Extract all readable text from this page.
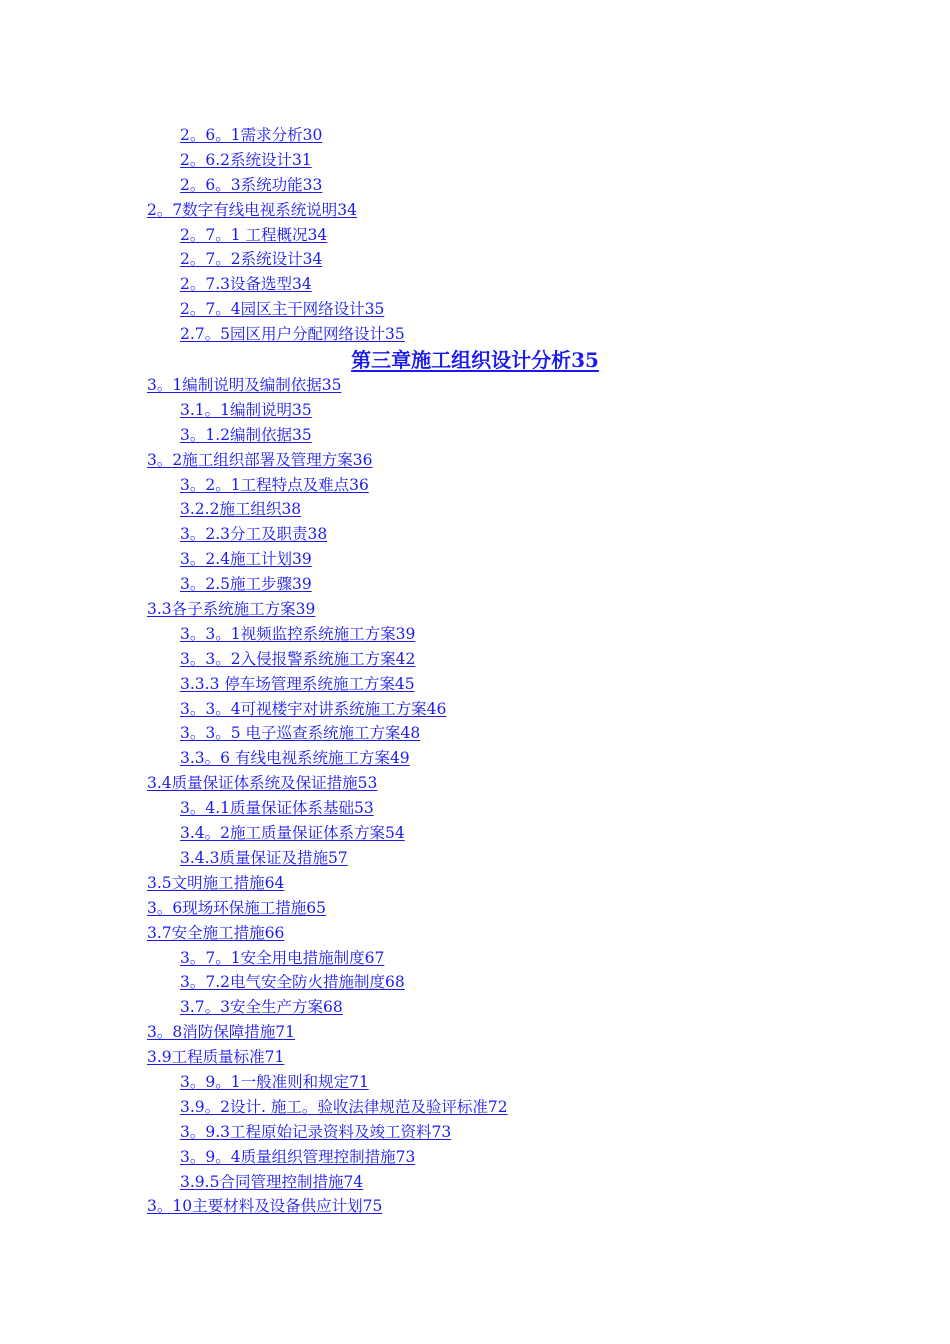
2。6。1需求分析30
2。6.2系统设计31
2。6。3系统功能33
2。7数字有线电视系统说明34
2。7。1 工程概况34
2。7。2系统设计34
2。7.3设备选型34
2。7。4园区主干网络设计35
2.7。5园区用户分配网络设计35
第三章施工组织设计分析35
3。1编制说明及编制依据35
3.1。1编制说明35
3。1.2编制依据35
3。2施工组织部署及管理方案36
3。2。1工程特点及难点36
3.2.2施工组织38
3。2.3分工及职责38
3。2.4施工计划39
3。2.5施工步骤39
3.3各子系统施工方案39
3。3。1视频监控系统施工方案39
3。3。2入侵报警系统施工方案42
3.3.3 停车场管理系统施工方案45
3。3。4可视楼宇对讲系统施工方案46
3。3。5 电子巡查系统施工方案48
3.3。6 有线电视系统施工方案49
3.4质量保证体系统及保证措施53
3。4.1质量保证体系基础53
3.4。2施工质量保证体系方案54
3.4.3质量保证及措施57
3.5文明施工措施64
3。6现场环保施工措施65
3.7安全施工措施66
3。7。1安全用电措施制度67
3。7.2电气安全防火措施制度68
3.7。3安全生产方案68
3。8消防保障措施71
3.9工程质量标准71
3。9。1一般准则和规定71
3.9。2设计. 施工。验收法律规范及验评标准72
3。9.3工程原始记录资料及竣工资料73
3。9。4质量组织管理控制措施73
3.9.5合同管理控制措施74
3。10主要材料及设备供应计划75
